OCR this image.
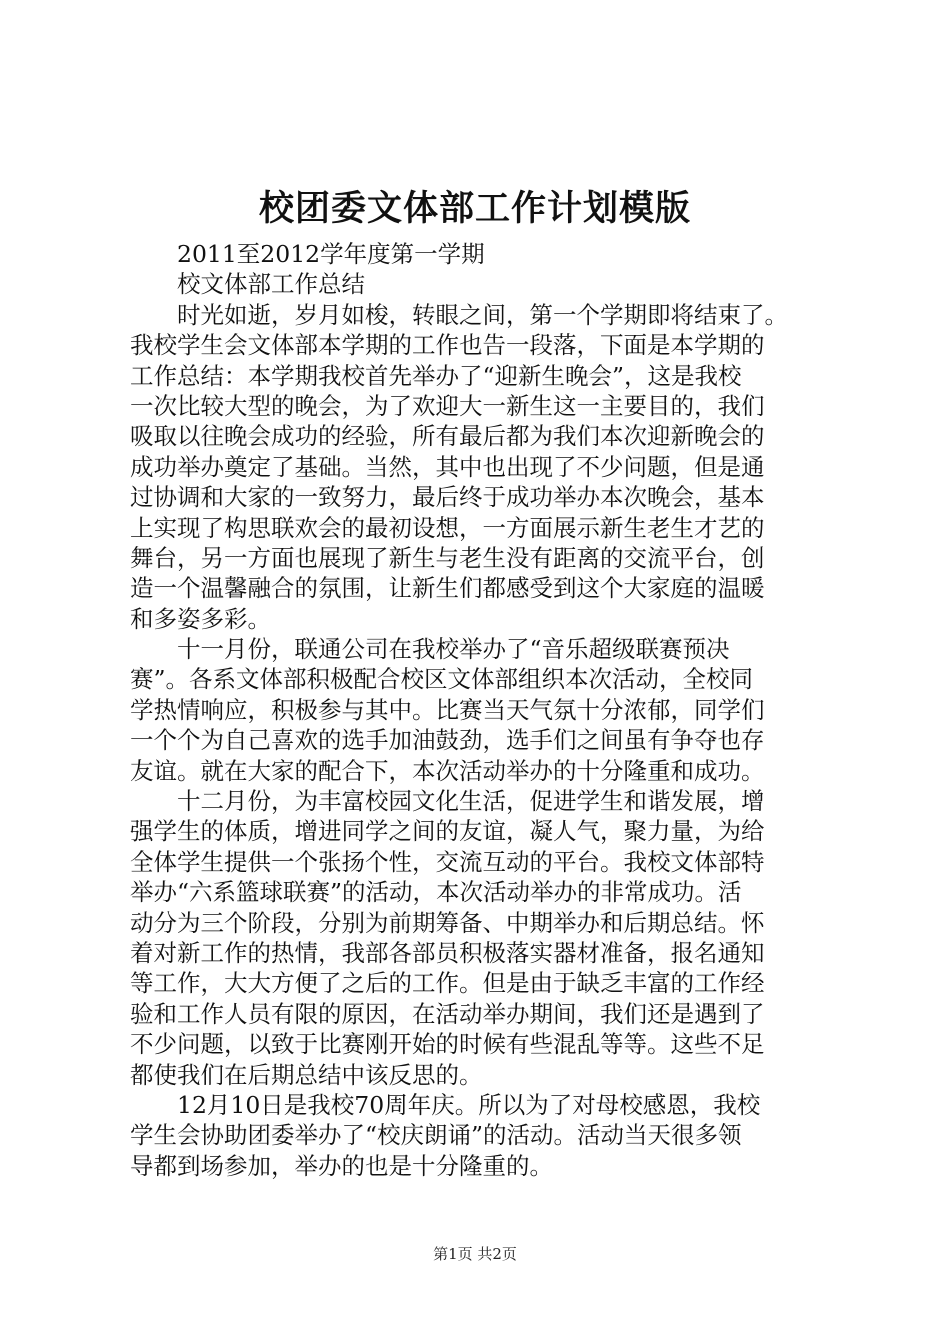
校团委文体部工作计划模版
　　2011至2012学年度第一学期
　　校文体部工作总结
　　时光如逝，岁月如梭，转眼之间，第一个学期即将结束了。
我校学生会文体部本学期的工作也告一段落，下面是本学期的
工作总结：本学期我校首先举办了“迎新生晚会”，这是我校
一次比较大型的晚会，为了欢迎大一新生这一主要目的，我们
吸取以往晚会成功的经验，所有最后都为我们本次迎新晚会的
成功举办奠定了基础。当然，其中也出现了不少问题，但是通
过协调和大家的一致努力，最后终于成功举办本次晚会，基本
上实现了构思联欢会的最初设想，一方面展示新生老生才艺的
舞台，另一方面也展现了新生与老生没有距离的交流平台，创
造一个温馨融合的氛围，让新生们都感受到这个大家庭的温暖
和多姿多彩。
　　十一月份，联通公司在我校举办了“音乐超级联赛预决
赛”。各系文体部积极配合校区文体部组织本次活动，全校同
学热情响应，积极参与其中。比赛当天气氛十分浓郁，同学们
一个个为自己喜欢的选手加油鼓劲，选手们之间虽有争夺也存
友谊。就在大家的配合下，本次活动举办的十分隆重和成功。
　　十二月份，为丰富校园文化生活，促进学生和谐发展，增
强学生的体质，增进同学之间的友谊，凝人气，聚力量，为给
全体学生提供一个张扬个性，交流互动的平台。我校文体部特
举办“六系篮球联赛”的活动，本次活动举办的非常成功。活
动分为三个阶段，分别为前期筹备、中期举办和后期总结。怀
着对新工作的热情，我部各部员积极落实器材准备，报名通知
等工作，大大方便了之后的工作。但是由于缺乏丰富的工作经
验和工作人员有限的原因，在活动举办期间，我们还是遇到了
不少问题，以致于比赛刚开始的时候有些混乱等等。这些不足
都使我们在后期总结中该反思的。
　　12月10日是我校70周年庆。所以为了对母校感恩，我校
学生会协助团委举办了“校庆朗诵”的活动。活动当天很多领
导都到场参加，举办的也是十分隆重的。
第1页 共2页
